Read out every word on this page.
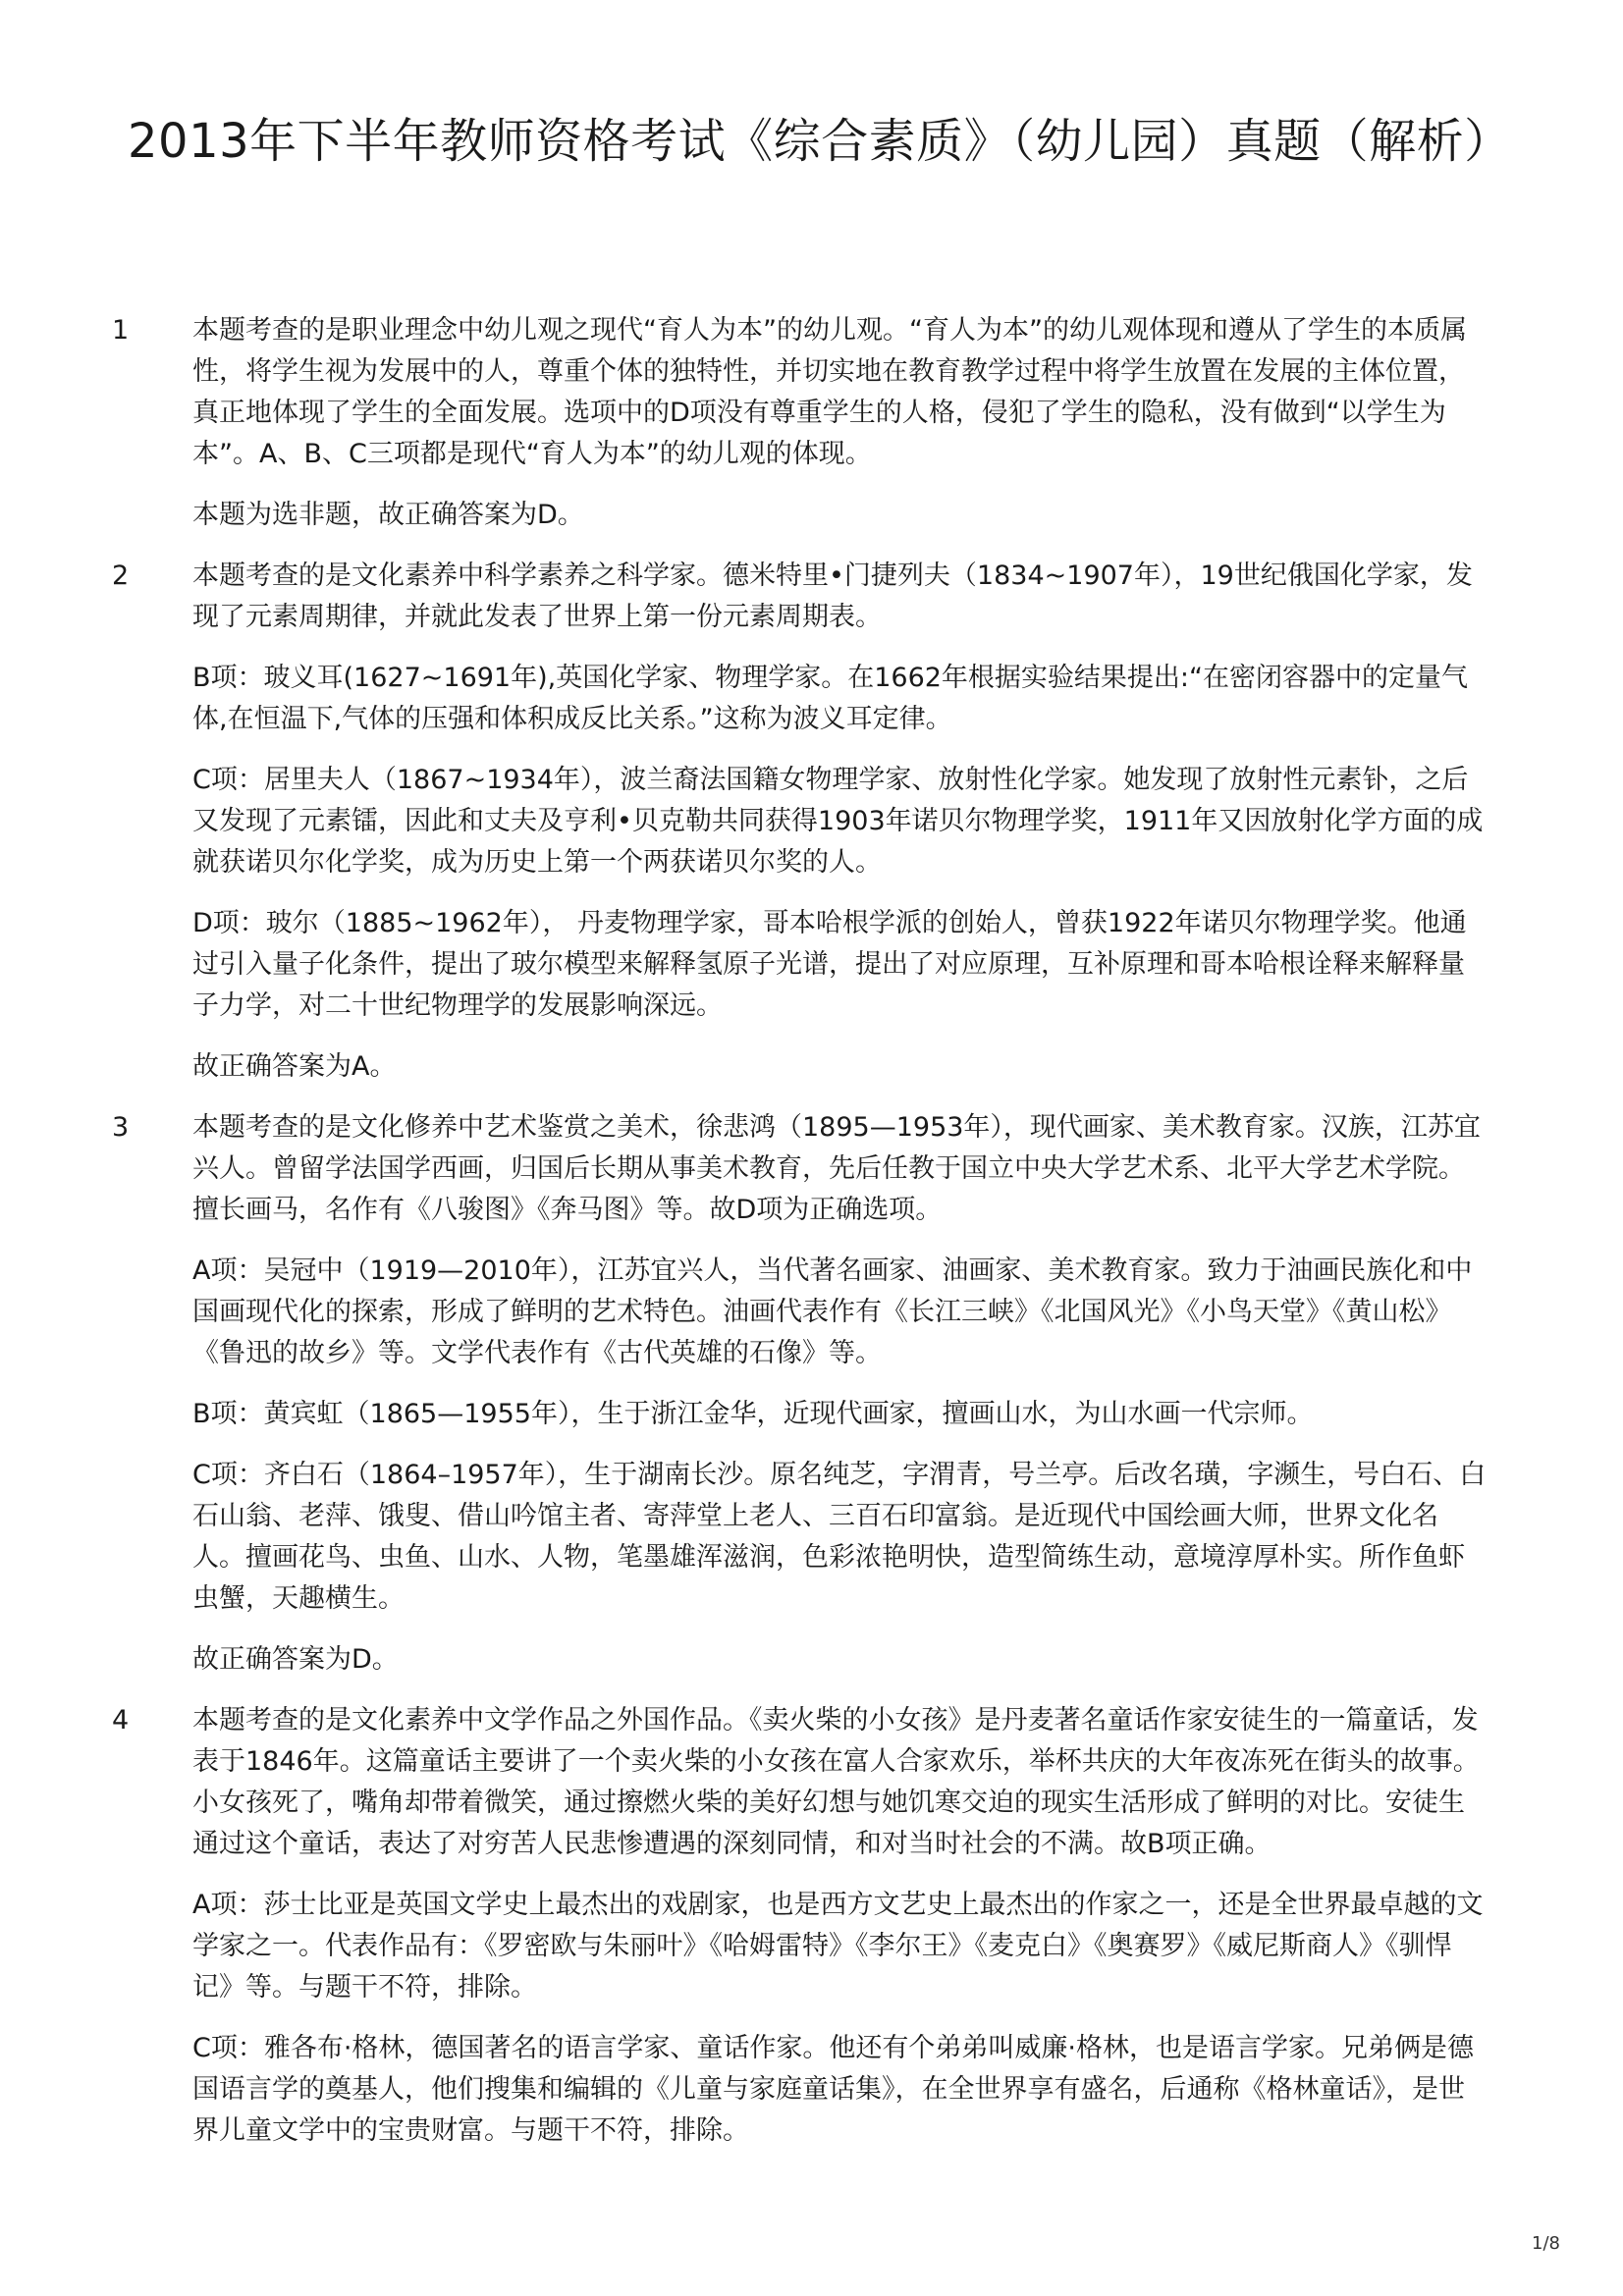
2013年下半年教师资格考试《综合素质》（幼儿园）真题（解析）
1 本题考查的是职业理念中幼儿观之现代“育人为本”的幼儿观。“育人为本”的幼儿观体现和遵从了学生的本质属性，将学生视为发展中的人，尊重个体的独特性，并切实地在教育教学过程中将学生放置在发展的主体位置，真正地体现了学生的全面发展。选项中的D项没有尊重学生的人格，侵犯了学生的隐私，没有做到“以学生为本”。A、B、C三项都是现代“育人为本”的幼儿观的体现。

本题为选非题，故正确答案为D。

2 本题考查的是文化素养中科学素养之科学家。德米特里•门捷列夫（1834~1907年），19世纪俄国化学家，发现了元素周期律，并就此发表了世界上第一份元素周期表。

B项：玻义耳(1627~1691年),英国化学家、物理学家。在1662年根据实验结果提出:“在密闭容器中的定量气体,在恒温下,气体的压强和体积成反比关系。”这称为波义耳定律。

C项：居里夫人（1867~1934年），波兰裔法国籍女物理学家、放射性化学家。她发现了放射性元素钋，之后又发现了元素镭，因此和丈夫及亨利•贝克勒共同获得1903年诺贝尔物理学奖，1911年又因放射化学方面的成就获诺贝尔化学奖，成为历史上第一个两获诺贝尔奖的人。

D项：玻尔（1885~1962年）， 丹麦物理学家，哥本哈根学派的创始人，曾获1922年诺贝尔物理学奖。他通过引入量子化条件，提出了玻尔模型来解释氢原子光谱，提出了对应原理，互补原理和哥本哈根诠释来解释量子力学，对二十世纪物理学的发展影响深远。

故正确答案为A。

3 本题考查的是文化修养中艺术鉴赏之美术，徐悲鸿（1895—1953年），现代画家、美术教育家。汉族，江苏宜兴人。曾留学法国学西画，归国后长期从事美术教育，先后任教于国立中央大学艺术系、北平大学艺术学院。擅长画马，名作有《八骏图》《奔马图》等。故D项为正确选项。

A项：吴冠中（1919—2010年），江苏宜兴人，当代著名画家、油画家、美术教育家。致力于油画民族化和中国画现代化的探索，形成了鲜明的艺术特色。油画代表作有《长江三峡》《北国风光》《小鸟天堂》《黄山松》《鲁迅的故乡》等。文学代表作有《古代英雄的石像》等。

B项：黄宾虹（1865—1955年），生于浙江金华，近现代画家，擅画山水，为山水画一代宗师。

C项：齐白石（1864–1957年），生于湖南长沙。原名纯芝，字渭青，号兰亭。后改名璜，字濒生，号白石、白石山翁、老萍、饿叟、借山吟馆主者、寄萍堂上老人、三百石印富翁。是近现代中国绘画大师，世界文化名人。擅画花鸟、虫鱼、山水、人物，笔墨雄浑滋润，色彩浓艳明快，造型简练生动，意境淳厚朴实。所作鱼虾虫蟹，天趣横生。

故正确答案为D。

4 本题考查的是文化素养中文学作品之外国作品。《卖火柴的小女孩》是丹麦著名童话作家安徒生的一篇童话，发表于1846年。这篇童话主要讲了一个卖火柴的小女孩在富人合家欢乐，举杯共庆的大年夜冻死在街头的故事。小女孩死了，嘴角却带着微笑，通过擦燃火柴的美好幻想与她饥寒交迫的现实生活形成了鲜明的对比。安徒生通过这个童话，表达了对穷苦人民悲惨遭遇的深刻同情，和对当时社会的不满。故B项正确。

A项：莎士比亚是英国文学史上最杰出的戏剧家，也是西方文艺史上最杰出的作家之一，还是全世界最卓越的文学家之一。代表作品有：《罗密欧与朱丽叶》《哈姆雷特》《李尔王》《麦克白》《奥赛罗》《威尼斯商人》《驯悍记》等。与题干不符，排除。

C项：雅各布·格林，德国著名的语言学家、童话作家。他还有个弟弟叫威廉·格林，也是语言学家。兄弟俩是德国语言学的奠基人，他们搜集和编辑的《儿童与家庭童话集》，在全世界享有盛名，后通称《格林童话》，是世界儿童文学中的宝贵财富。与题干不符，排除。

1/8
